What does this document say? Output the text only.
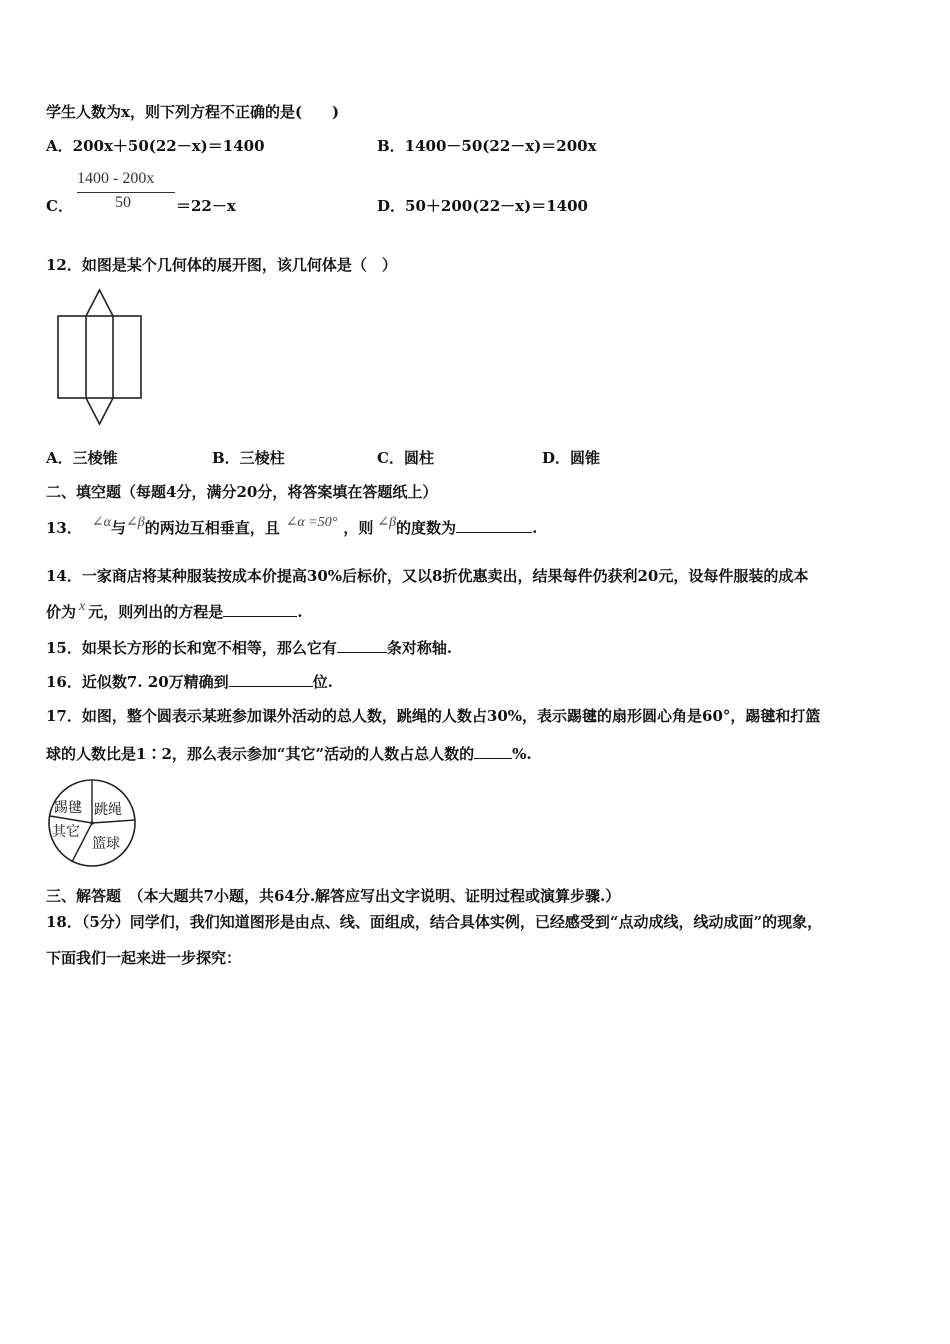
学生人数为x，则下列方程不正确的是(　　)
A．200x＋50(22－x)＝1400	B．1400－50(22－x)＝200x
C．
1400 - 200x
50	＝22－x	D．50＋200(22－x)＝1400
12．如图是某个几何体的展开图，该几何体是（　）
A．三棱锥	B．三棱柱	C．圆柱	D．圆锥
二、填空题（每题4分，满分20分，将答案填在答题纸上）
13． ∠α与∠β的两边互相垂直，且 ∠α =50° ，则 ∠β的度数为	.
14．一家商店将某种服装按成本价提高30%后标价，又以8折优惠卖出，结果每件仍获利20元，设每件服装的成本
价为 x 元，则列出的方程是	.
15．如果长方形的长和宽不相等，那么它有	条对称轴.
16．近似数7. 20万精确到	位.
17．如图，整个圆表示某班参加课外活动的总人数，跳绳的人数占30%，表示踢毽的扇形圆心角是60°，踢毽和打篮
球的人数比是1∶2，那么表示参加“其它”活动的人数占总人数的	%.
踢毽 跳绳
其它
篮球
三、解答题　（本大题共7小题，共64分.解答应写出文字说明、证明过程或演算步骤.）
18．（5分）同学们，我们知道图形是由点、线、面组成，结合具体实例，已经感受到“点动成线，线动成面”的现象，
下面我们一起来进一步探究：
